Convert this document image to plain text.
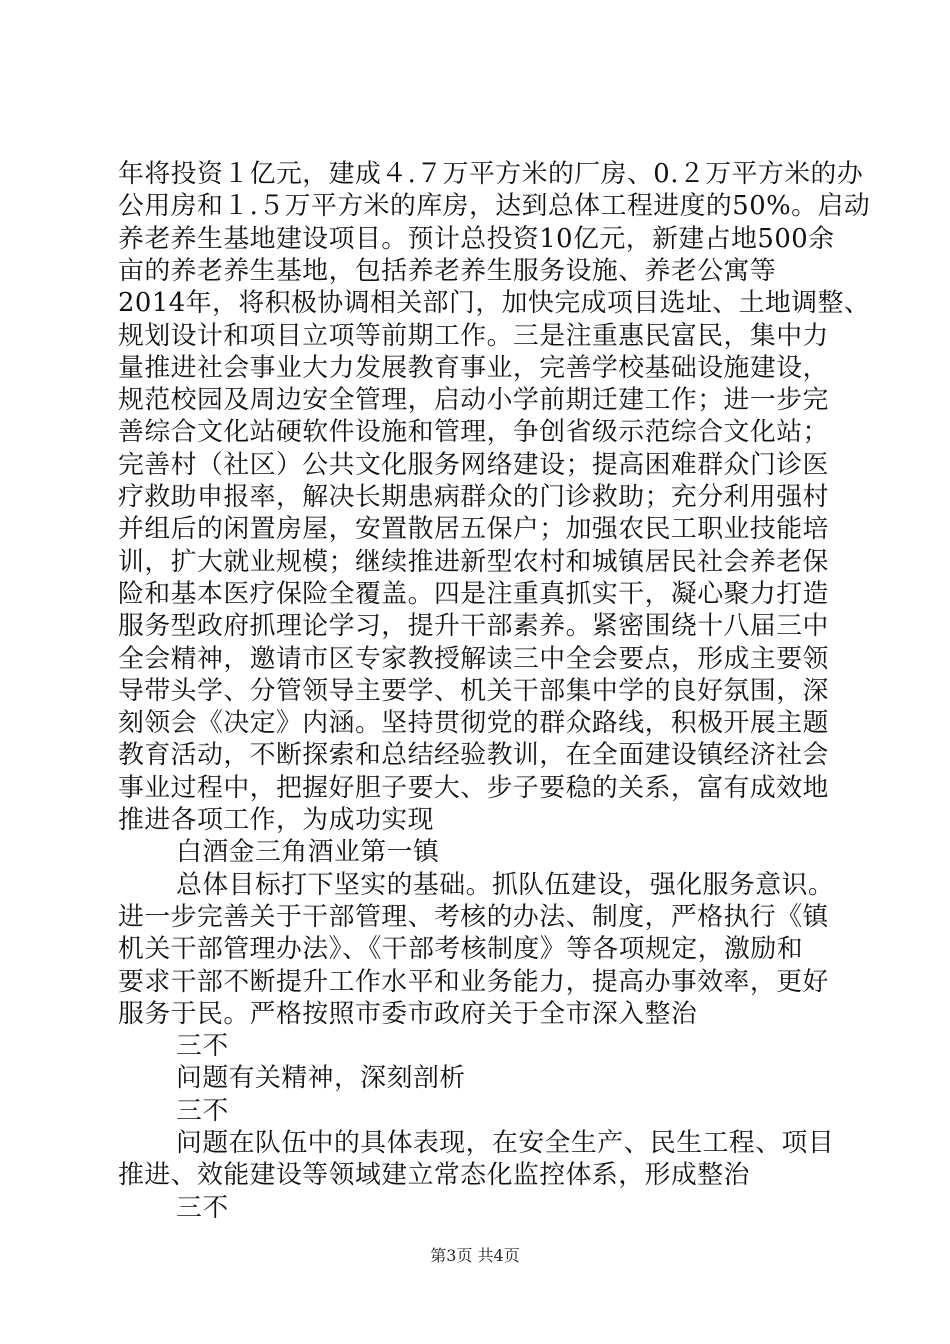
年将投资１亿元，建成４.７万平方米的厂房、0.２万平方米的办
公用房和１.５万平方米的库房，达到总体工程进度的50%。启动
养老养生基地建设项目。预计总投资10亿元，新建占地500余
亩的养老养生基地，包括养老养生服务设施、养老公寓等
2014年，将积极协调相关部门，加快完成项目选址、土地调整、
规划设计和项目立项等前期工作。三是注重惠民富民，集中力
量推进社会事业大力发展教育事业，完善学校基础设施建设，
规范校园及周边安全管理，启动小学前期迁建工作；进一步完
善综合文化站硬软件设施和管理，争创省级示范综合文化站；
完善村（社区）公共文化服务网络建设；提高困难群众门诊医
疗救助申报率，解决长期患病群众的门诊救助；充分利用强村
并组后的闲置房屋，安置散居五保户；加强农民工职业技能培
训，扩大就业规模；继续推进新型农村和城镇居民社会养老保
险和基本医疗保险全覆盖。四是注重真抓实干，凝心聚力打造
服务型政府抓理论学习，提升干部素养。紧密围绕十八届三中
全会精神，邀请市区专家教授解读三中全会要点，形成主要领
导带头学、分管领导主要学、机关干部集中学的良好氛围，深
刻领会《决定》内涵。坚持贯彻党的群众路线，积极开展主题
教育活动，不断探索和总结经验教训，在全面建设镇经济社会
事业过程中，把握好胆子要大、步子要稳的关系，富有成效地
推进各项工作，为成功实现
白酒金三角酒业第一镇
总体目标打下坚实的基础。抓队伍建设，强化服务意识。
进一步完善关于干部管理、考核的办法、制度，严格执行《镇
机关干部管理办法》、《干部考核制度》等各项规定，激励和
要求干部不断提升工作水平和业务能力，提高办事效率，更好
服务于民。严格按照市委市政府关于全市深入整治
三不
问题有关精神，深刻剖析
三不
问题在队伍中的具体表现，在安全生产、民生工程、项目
推进、效能建设等领域建立常态化监控体系，形成整治
三不
第3页 共4页
